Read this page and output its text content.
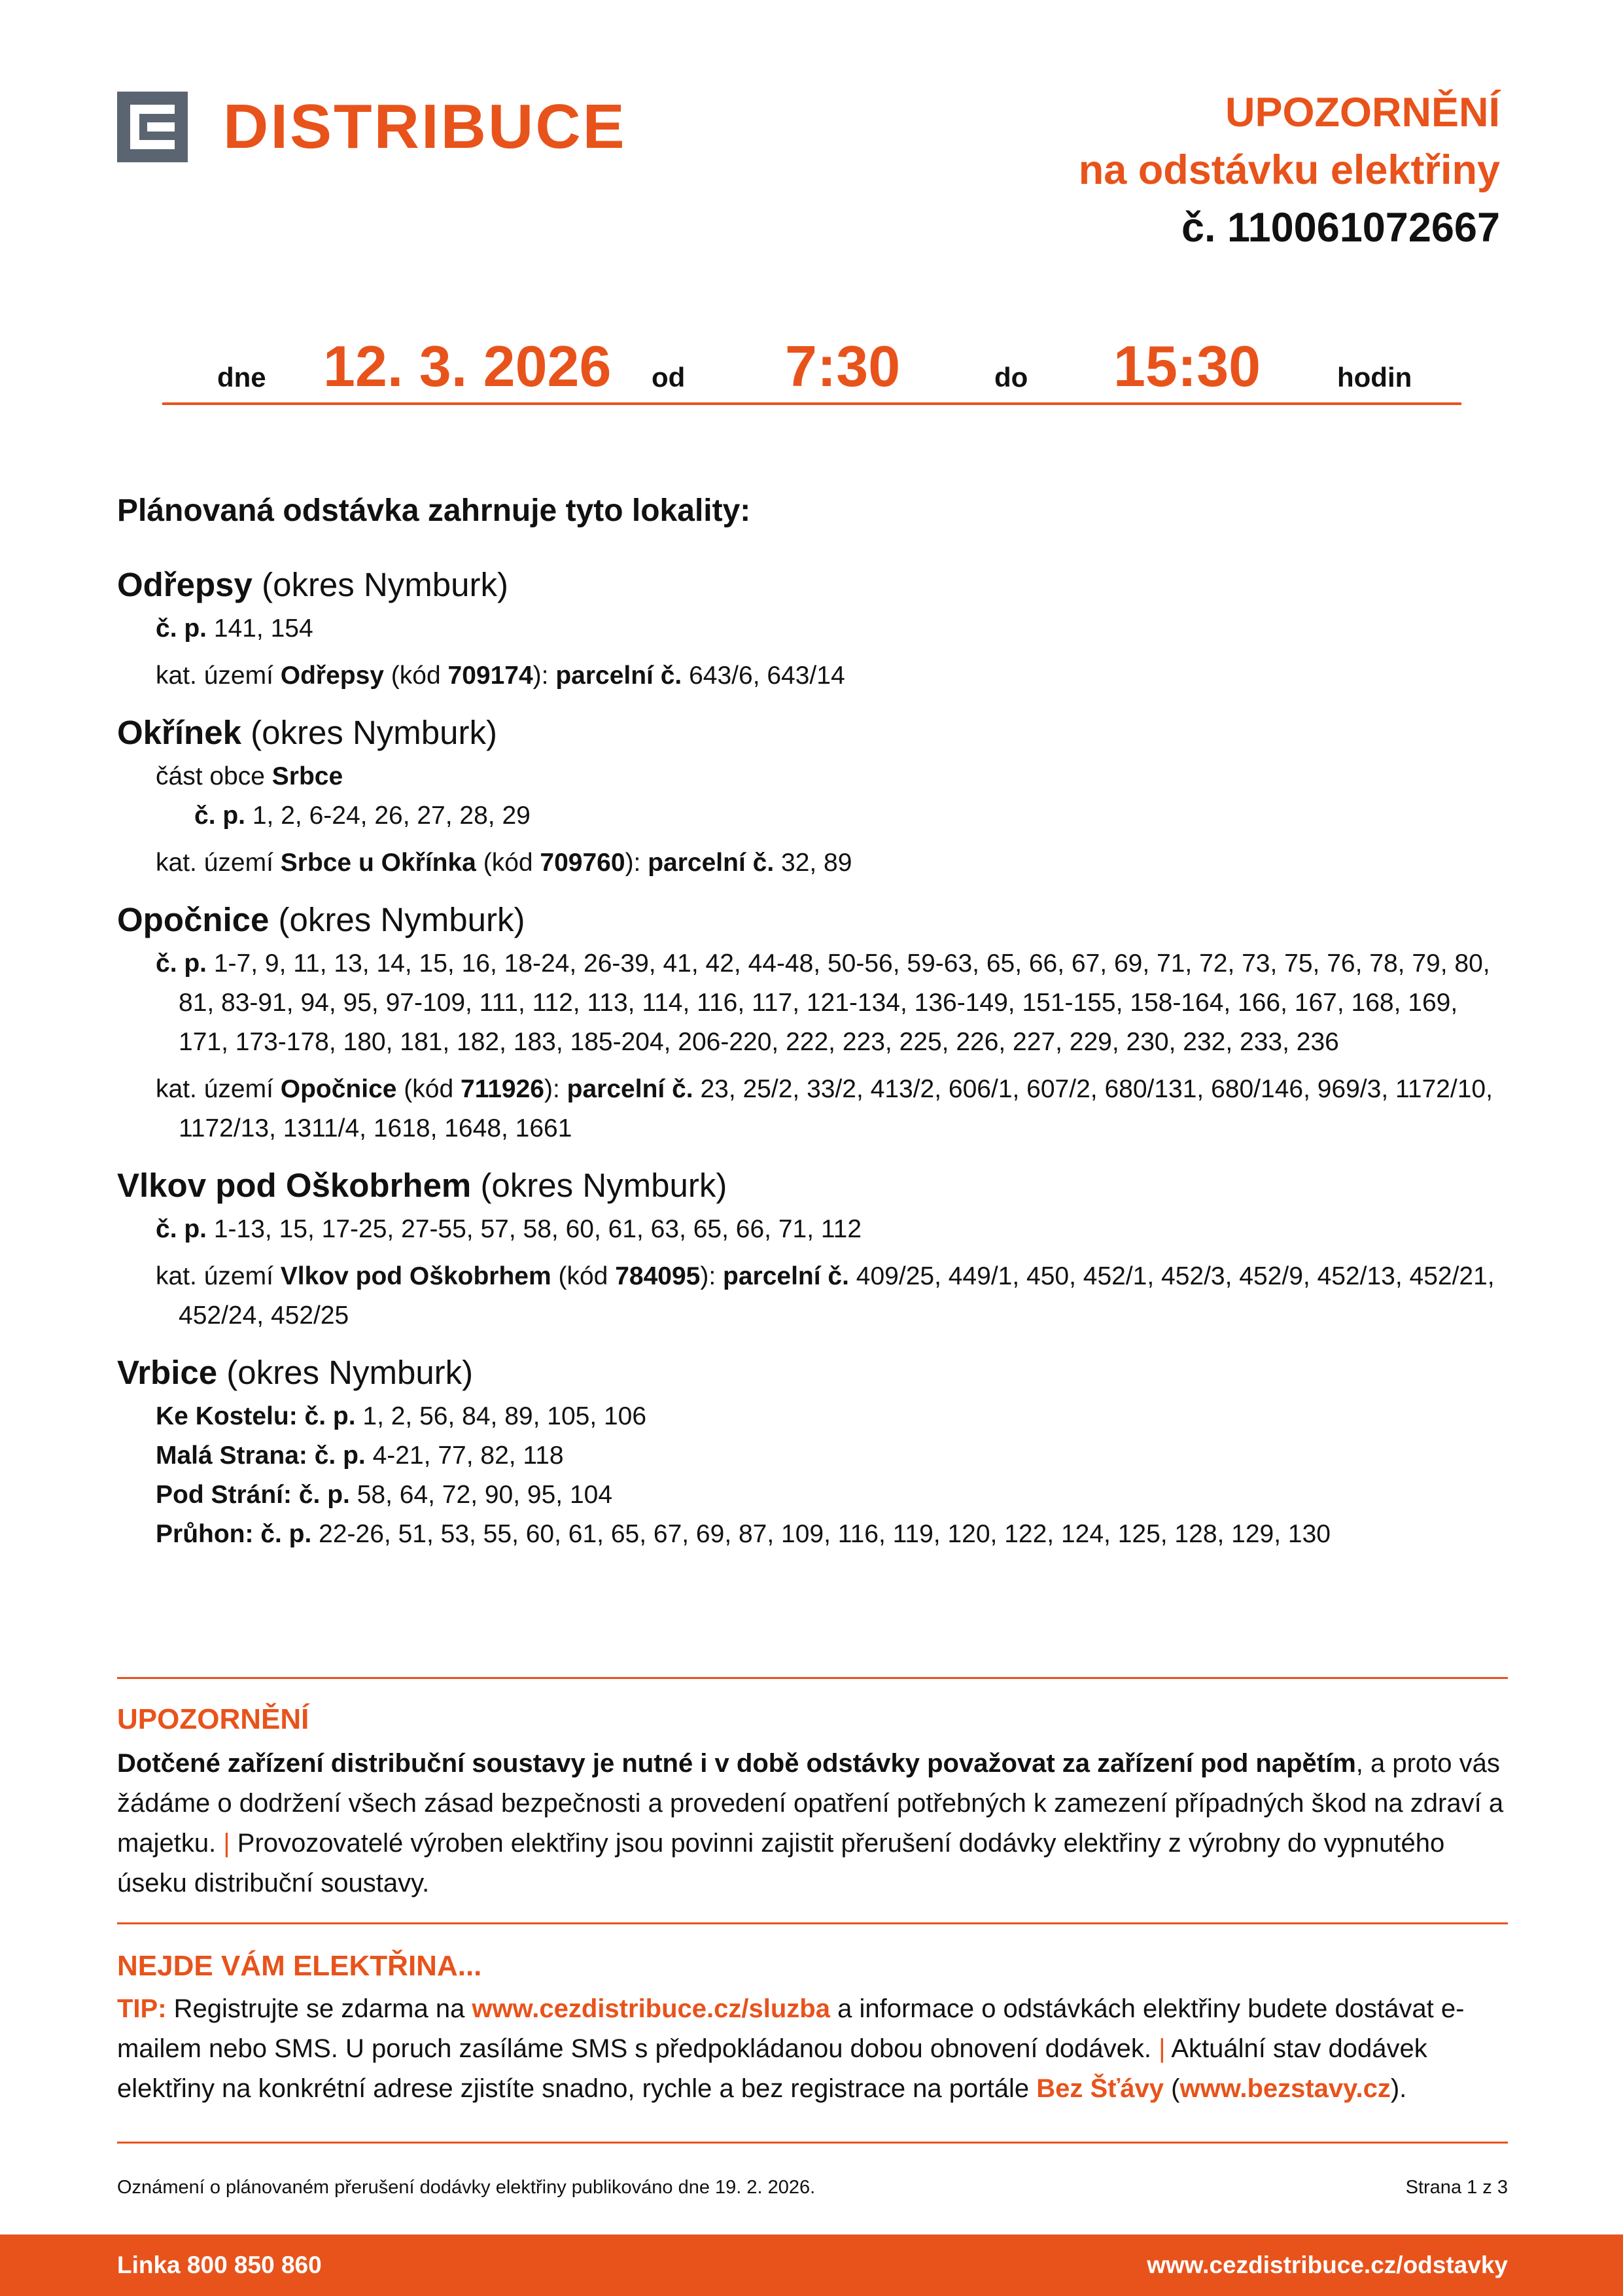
DISTRIBUCE	UPOZORNĚNÍ
na odstávku elektřiny
č. 110061072667
dne 12. 3. 2026 od 7:30	do 15:30	hodin
Plánovaná odstávka zahrnuje tyto lokality:
Odřepsy (okres Nymburk)
č. p. 141, 154
kat. území Odřepsy (kód 709174): parcelní č. 643/6, 643/14
Okřínek (okres Nymburk)
část obce Srbce
č. p. 1, 2, 6-24, 26, 27, 28, 29
kat. území Srbce u Okřínka (kód 709760): parcelní č. 32, 89
Opočnice (okres Nymburk)
č. p. 1-7, 9, 11, 13, 14, 15, 16, 18-24, 26-39, 41, 42, 44-48, 50-56, 59-63, 65, 66, 67, 69, 71, 72, 73, 75, 76, 78, 79, 80, 81, 83-91, 94, 95, 97-109, 111, 112, 113, 114, 116, 117, 121-134, 136-149, 151-155, 158-164, 166, 167, 168, 169, 171, 173-178, 180, 181, 182, 183, 185-204, 206-220, 222, 223, 225, 226, 227, 229, 230, 232, 233, 236
kat. území Opočnice (kód 711926): parcelní č. 23, 25/2, 33/2, 413/2, 606/1, 607/2, 680/131, 680/146, 969/3, 1172/10, 1172/13, 1311/4, 1618, 1648, 1661
Vlkov pod Oškobrhem (okres Nymburk)
č. p. 1-13, 15, 17-25, 27-55, 57, 58, 60, 61, 63, 65, 66, 71, 112
kat. území Vlkov pod Oškobrhem (kód 784095): parcelní č. 409/25, 449/1, 450, 452/1, 452/3, 452/9, 452/13, 452/21, 452/24, 452/25
Vrbice (okres Nymburk)
Ke Kostelu: č. p. 1, 2, 56, 84, 89, 105, 106
Malá Strana: č. p. 4-21, 77, 82, 118
Pod Strání: č. p. 58, 64, 72, 90, 95, 104
Průhon: č. p. 22-26, 51, 53, 55, 60, 61, 65, 67, 69, 87, 109, 116, 119, 120, 122, 124, 125, 128, 129, 130
UPOZORNĚNÍ
Dotčené zařízení distribuční soustavy je nutné i v době odstávky považovat za zařízení pod napětím, a proto vás žádáme o dodržení všech zásad bezpečnosti a provedení opatření potřebných k zamezení případných škod na zdraví a majetku. | Provozovatelé výroben elektřiny jsou povinni zajistit přerušení dodávky elektřiny z výrobny do vypnutého úseku distribuční soustavy.
NEJDE VÁM ELEKTŘINA...
TIP: Registrujte se zdarma na www.cezdistribuce.cz/sluzba a informace o odstávkách elektřiny budete dostávat e-mailem nebo SMS. U poruch zasíláme SMS s předpokládanou dobou obnovení dodávek. | Aktuální stav dodávek elektřiny na konkrétní adrese zjistíte snadno, rychle a bez registrace na portále Bez Šťávy (www.bezstavy.cz).
Oznámení o plánovaném přerušení dodávky elektřiny publikováno dne 19. 2. 2026.	Strana 1 z 3
Linka 800 850 860	www.cezdistribuce.cz/odstavky
